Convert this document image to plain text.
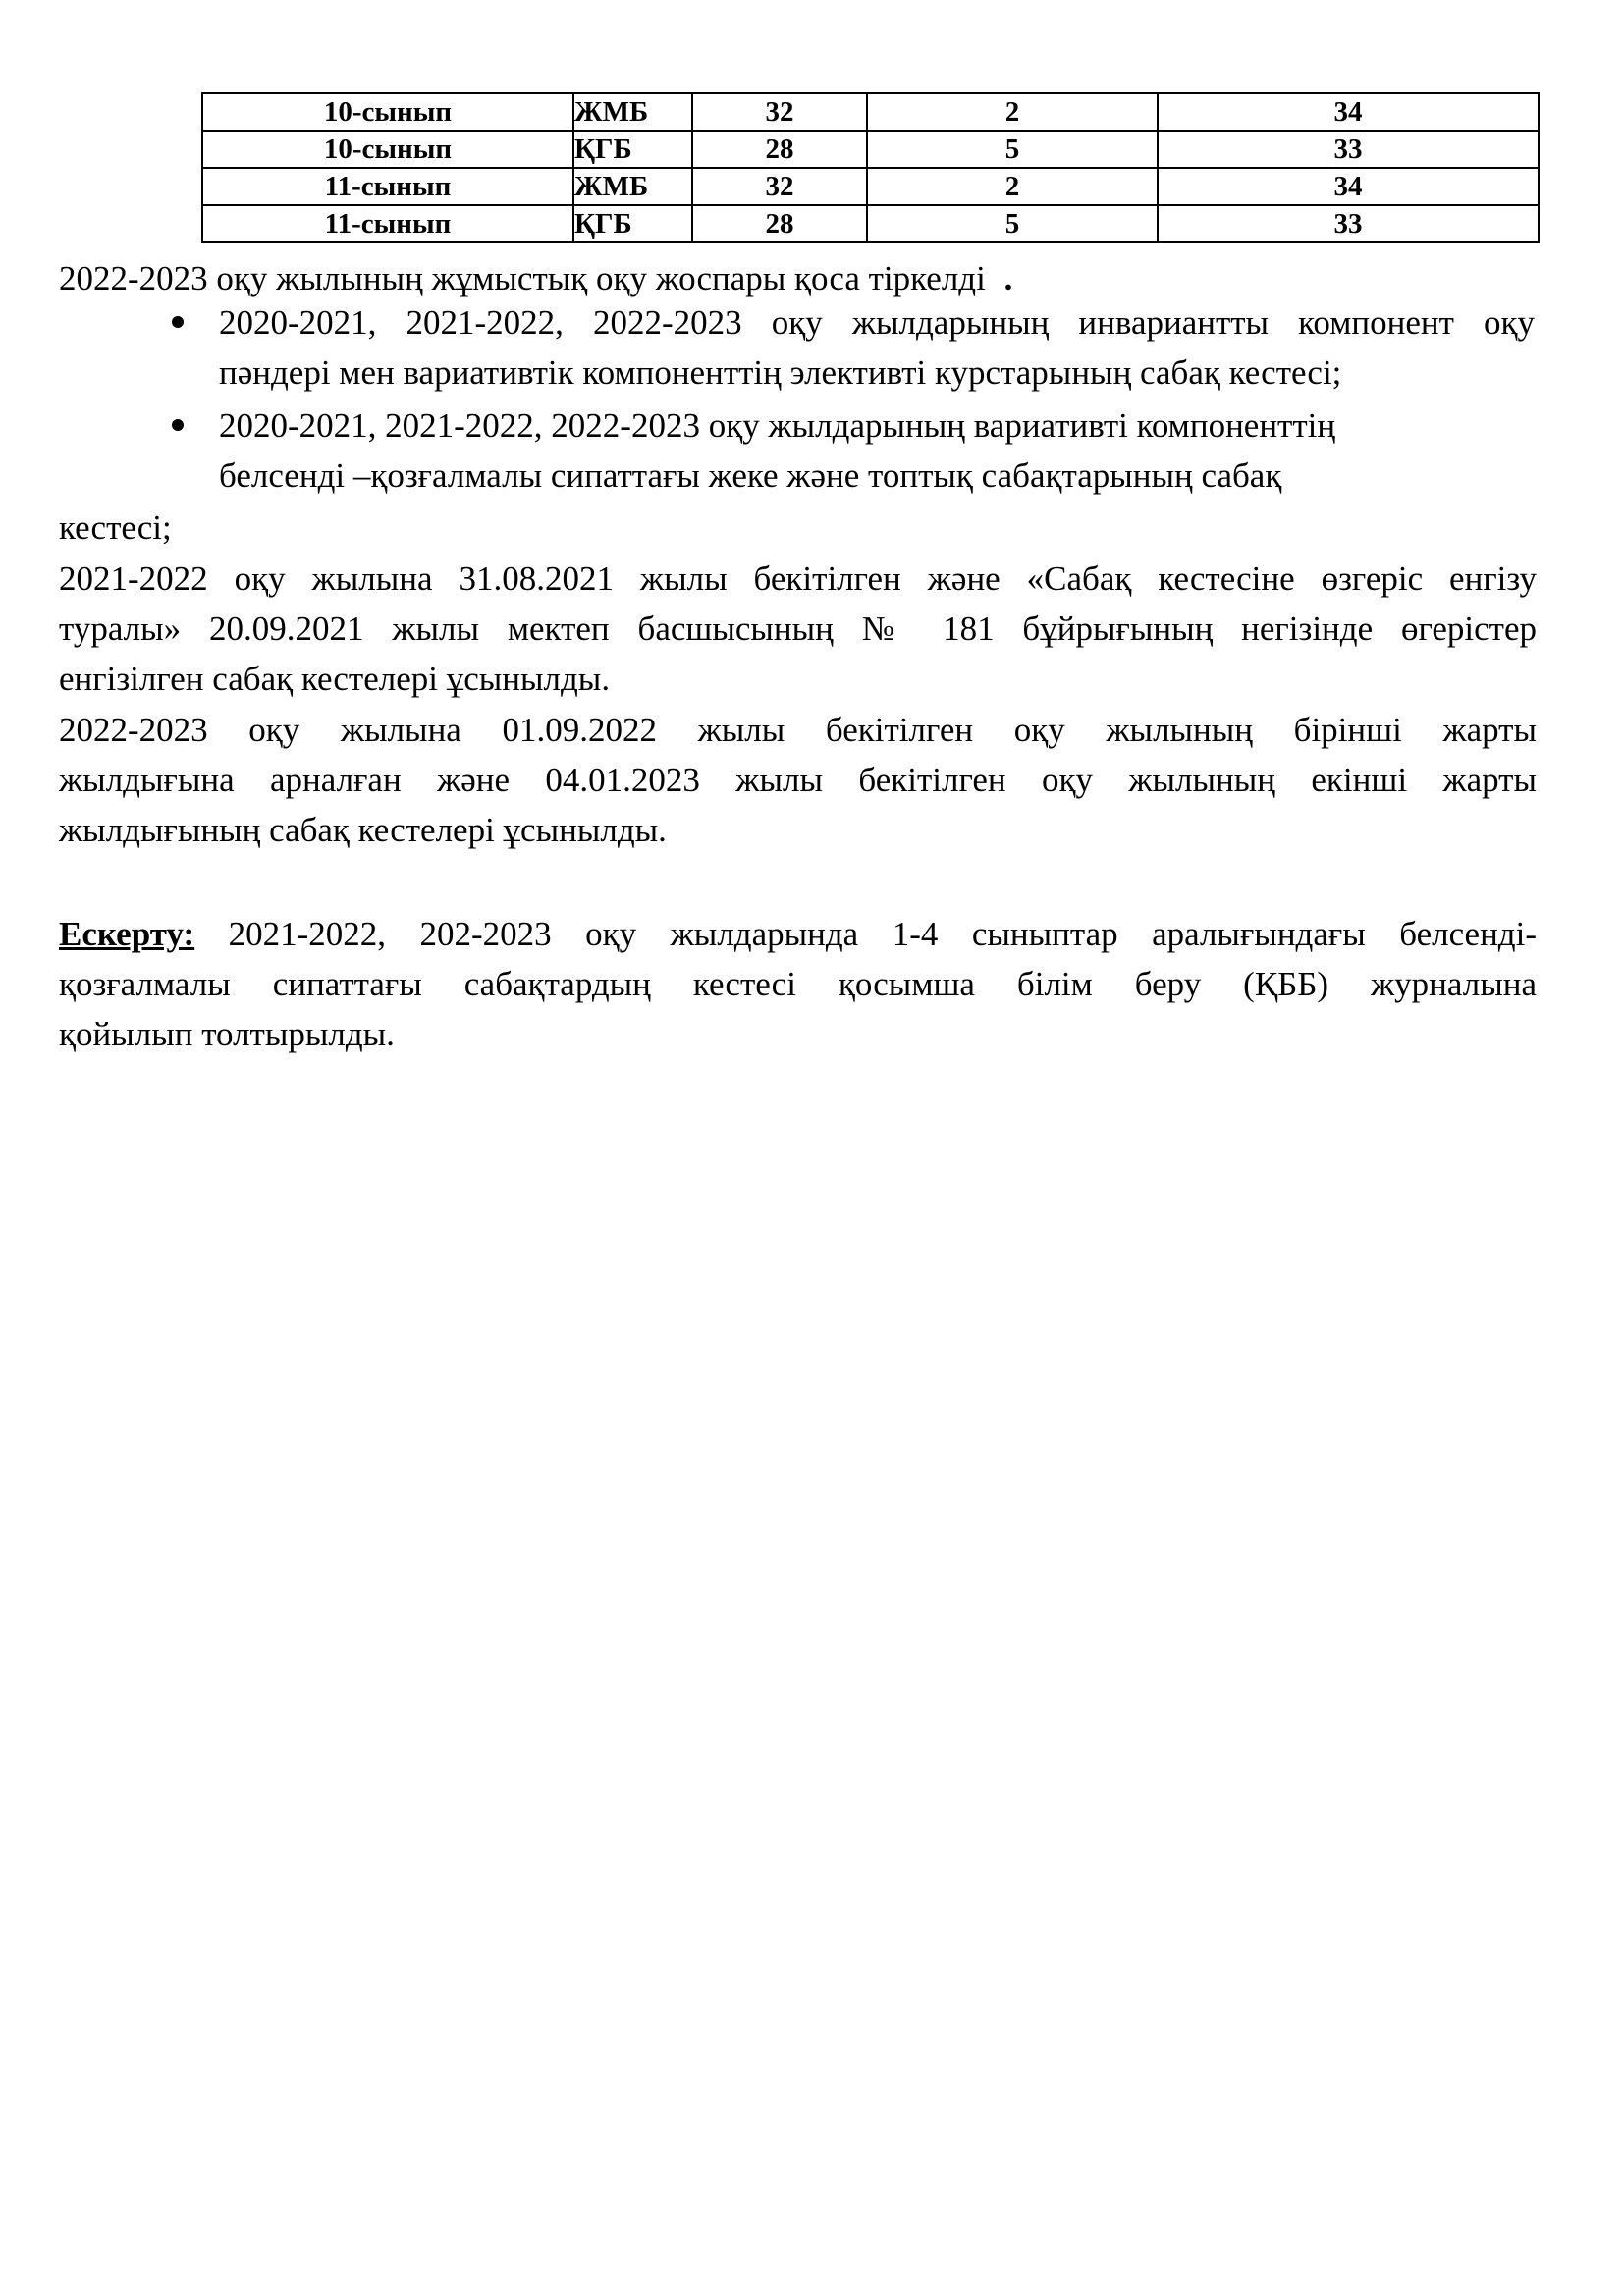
10-сынып	ЖМБ	32	2	34
10-сынып	ҚГБ	28	5	33
11-сынып	ЖМБ	32	2	34
11-сынып	ҚГБ	28	5	33
2022-2023 оқу жылының жұмыстық оқу жоспары қоса тіркелді .
2020-2021, 2021-2022, 2022-2023 оқу жылдарының инвариантты компонент оқу
пәндері мен вариативтік компоненттің элективті курстарының сабақ кестесі;
2020-2021, 2021-2022, 2022-2023 оқу жылдарының вариативті компоненттің
белсенді –қозғалмалы сипаттағы жеке және топтық сабақтарының сабақ
кестесі;
2021-2022 оқу жылына 31.08.2021 жылы бекітілген және «Сабақ кестесіне өзгеріс енгізу
туралы» 20.09.2021 жылы мектеп басшысының № 181 бұйрығының негізінде өгерістер
енгізілген сабақ кестелері ұсынылды.
2022-2023 оқу жылына 01.09.2022 жылы бекітілген оқу жылының бірінші жарты
жылдығына арналған және 04.01.2023 жылы бекітілген оқу жылының екінші жарты
жылдығының сабақ кестелері ұсынылды.
Ескерту: 2021-2022, 202-2023 оқу жылдарында 1-4 сыныптар аралығындағы белсенді-
қозғалмалы сипаттағы сабақтардың кестесі қосымша білім беру (ҚББ) журналына
қойылып толтырылды.
